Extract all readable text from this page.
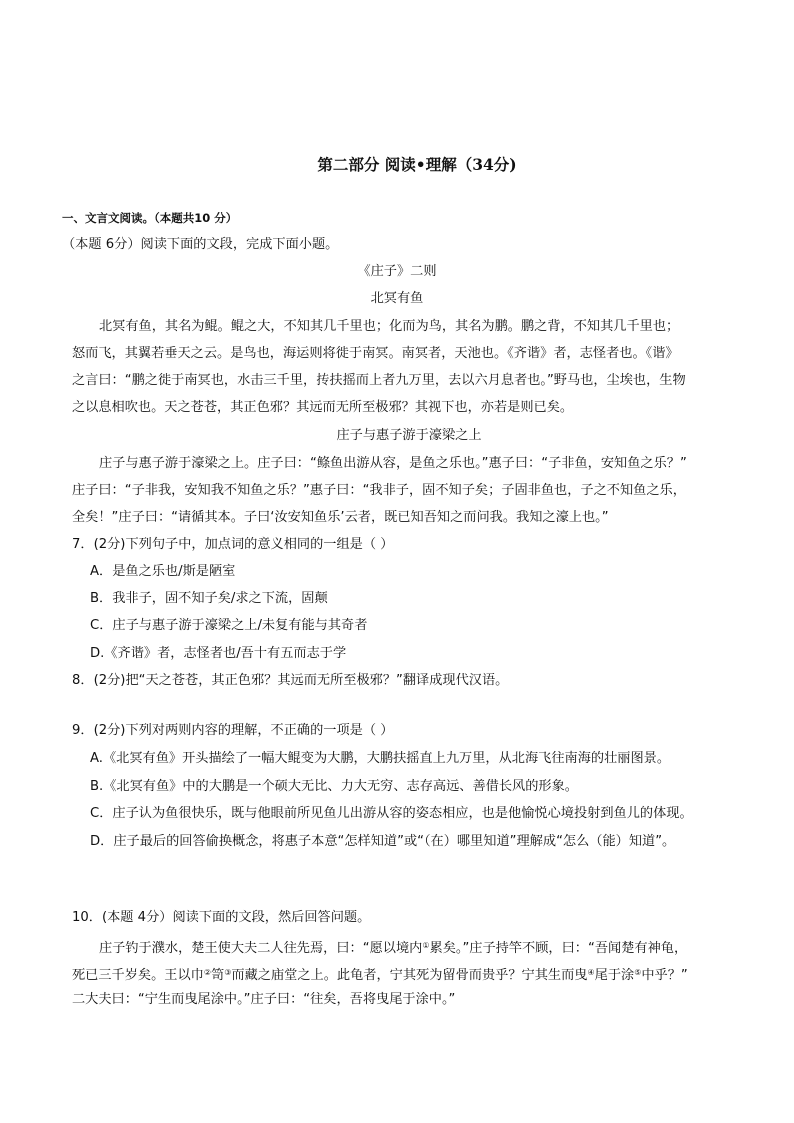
第二部分 阅读•理解（34分)
一、文言文阅读。（本题共10 分）
（本题 6分）阅读下面的文段，完成下面小题。
《庄子》二则
北冥有鱼
北冥有鱼，其名为鲲。鲲之大，不知其几千里也；化而为鸟，其名为鹏。鹏之背，不知其几千里也；
怒而飞，其翼若垂天之云。是鸟也，海运则将徙于南冥。南冥者，天池也。《齐谐》者，志怪者也。《谐》
之言曰：“鹏之徙于南冥也，水击三千里，抟扶摇而上者九万里，去以六月息者也。”野马也，尘埃也，生物
之以息相吹也。天之苍苍，其正色邪？其远而无所至极邪？其视下也，亦若是则已矣。
庄子与惠子游于濠梁之上
庄子与惠子游于濠梁之上。庄子曰：“鲦鱼出游从容，是鱼之乐也。”惠子曰：“子非鱼，安知鱼之乐？”
庄子曰：“子非我，安知我不知鱼之乐？”惠子曰：“我非子，固不知子矣；子固非鱼也，子之不知鱼之乐，
全矣！”庄子曰：“请循其本。子曰‘汝安知鱼乐’云者，既已知吾知之而问我。我知之濠上也。”
7．(2分)下列句子中，加点词的意义相同的一组是（ ）
A．是鱼之乐也/斯是陋室
B．我非子，固不知子矣/求之下流，固颠
C．庄子与惠子游于濠梁之上/未复有能与其奇者
D.《齐谐》者，志怪者也/吾十有五而志于学
8．(2分)把“天之苍苍，其正色邪？其远而无所至极邪？”翻译成现代汉语。
9．(2分)下列对两则内容的理解，不正确的一项是（ ）
A.《北冥有鱼》开头描绘了一幅大鲲变为大鹏，大鹏扶摇直上九万里，从北海飞往南海的壮丽图景。
B.《北冥有鱼》中的大鹏是一个硕大无比、力大无穷、志存高远、善借长风的形象。
C．庄子认为鱼很快乐，既与他眼前所见鱼儿出游从容的姿态相应，也是他愉悦心境投射到鱼儿的体现。
D．庄子最后的回答偷换概念，将惠子本意“怎样知道”或“（在）哪里知道”理解成“怎么（能）知道”。
10．(本题 4分）阅读下面的文段，然后回答问题。
庄子钓于濮水，楚王使大夫二人往先焉，曰：“愿以境内①累矣。”庄子持竿不顾，曰：“吾闻楚有神龟，
死已三千岁矣。王以巾②笥③而藏之庙堂之上。此龟者，宁其死为留骨而贵乎？宁其生而曳④尾于涂⑤中乎？”
二大夫曰：“宁生而曳尾涂中。”庄子曰：“往矣，吾将曳尾于涂中。”
